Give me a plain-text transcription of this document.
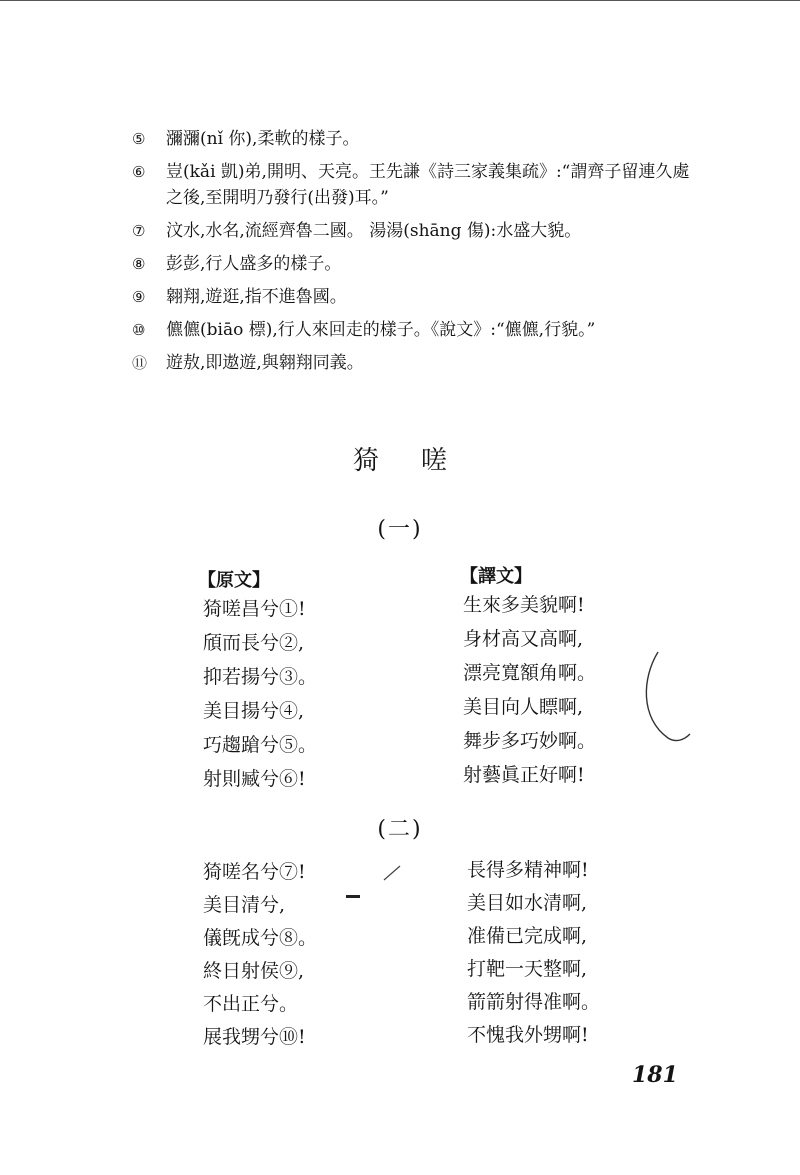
⑤ 瀰瀰(nǐ 你),柔軟的樣子。
⑥ 豈(kǎi 凱)弟,開明、天亮。王先謙《詩三家義集疏》:“謂齊子留連久處之後,至開明乃發行(出發)耳。”
⑦ 汶水,水名,流經齊魯二國。 湯湯(shāng 傷):水盛大貌。
⑧ 彭彭,行人盛多的樣子。
⑨ 翱翔,遊逛,指不進魯國。
⑩ 儦儦(biāo 標),行人來回走的樣子。《說文》:“儦儦,行貌。”
⑪ 遊敖,即遨遊,與翱翔同義。
猗嗟
(一)
【原文】	【譯文】
猗嗟昌兮①!
頎而長兮②,
抑若揚兮③。
美目揚兮④,
巧趨蹌兮⑤。
射則臧兮⑥!
生來多美貌啊!
身材高又高啊,
漂亮寬額角啊。
美目向人瞟啊,
舞步多巧妙啊。
射藝眞正好啊!
(二)
猗嗟名兮⑦!
美目清兮,
儀旣成兮⑧。
終日射侯⑨,
不出正兮。
展我甥兮⑩!
長得多精神啊!
美目如水清啊,
准備已完成啊,
打靶一天整啊,
箭箭射得准啊。
不愧我外甥啊!
181
